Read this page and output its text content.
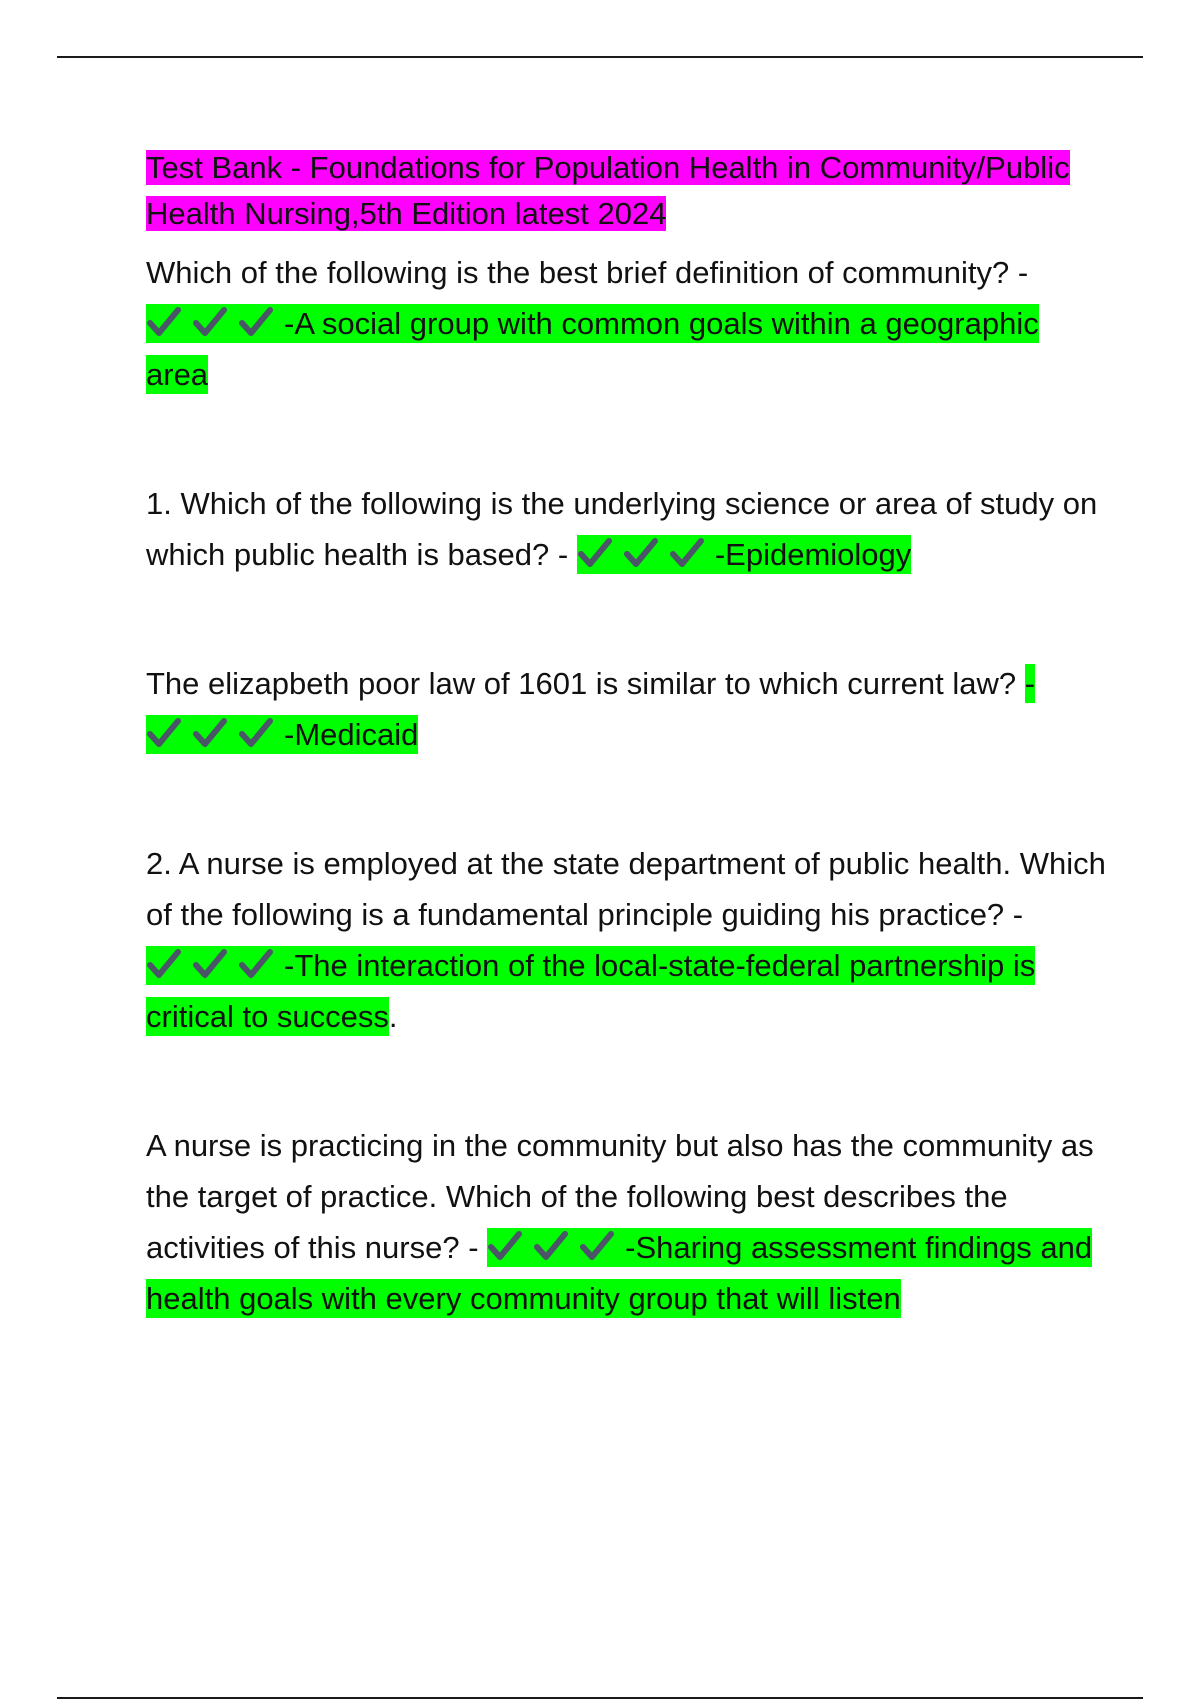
Test Bank - Foundations for Population Health in Community/Public Health Nursing,5th Edition latest 2024

Which of the following is the best brief definition of community? -
-A social group with common goals within a geographic area

1. Which of the following is the underlying science or area of study on which public health is based? -	-Epidemiology

The elizapbeth poor law of 1601 is similar to which current law? -
-Medicaid

2. A nurse is employed at the state department of public health. Which of the following is a fundamental principle guiding his practice? -
-The interaction of the local-state-federal partnership is critical to success.

A nurse is practicing in the community but also has the community as the target of practice. Which of the following best describes the activities of this nurse? -	-Sharing assessment findings and health goals with every community group that will listen
